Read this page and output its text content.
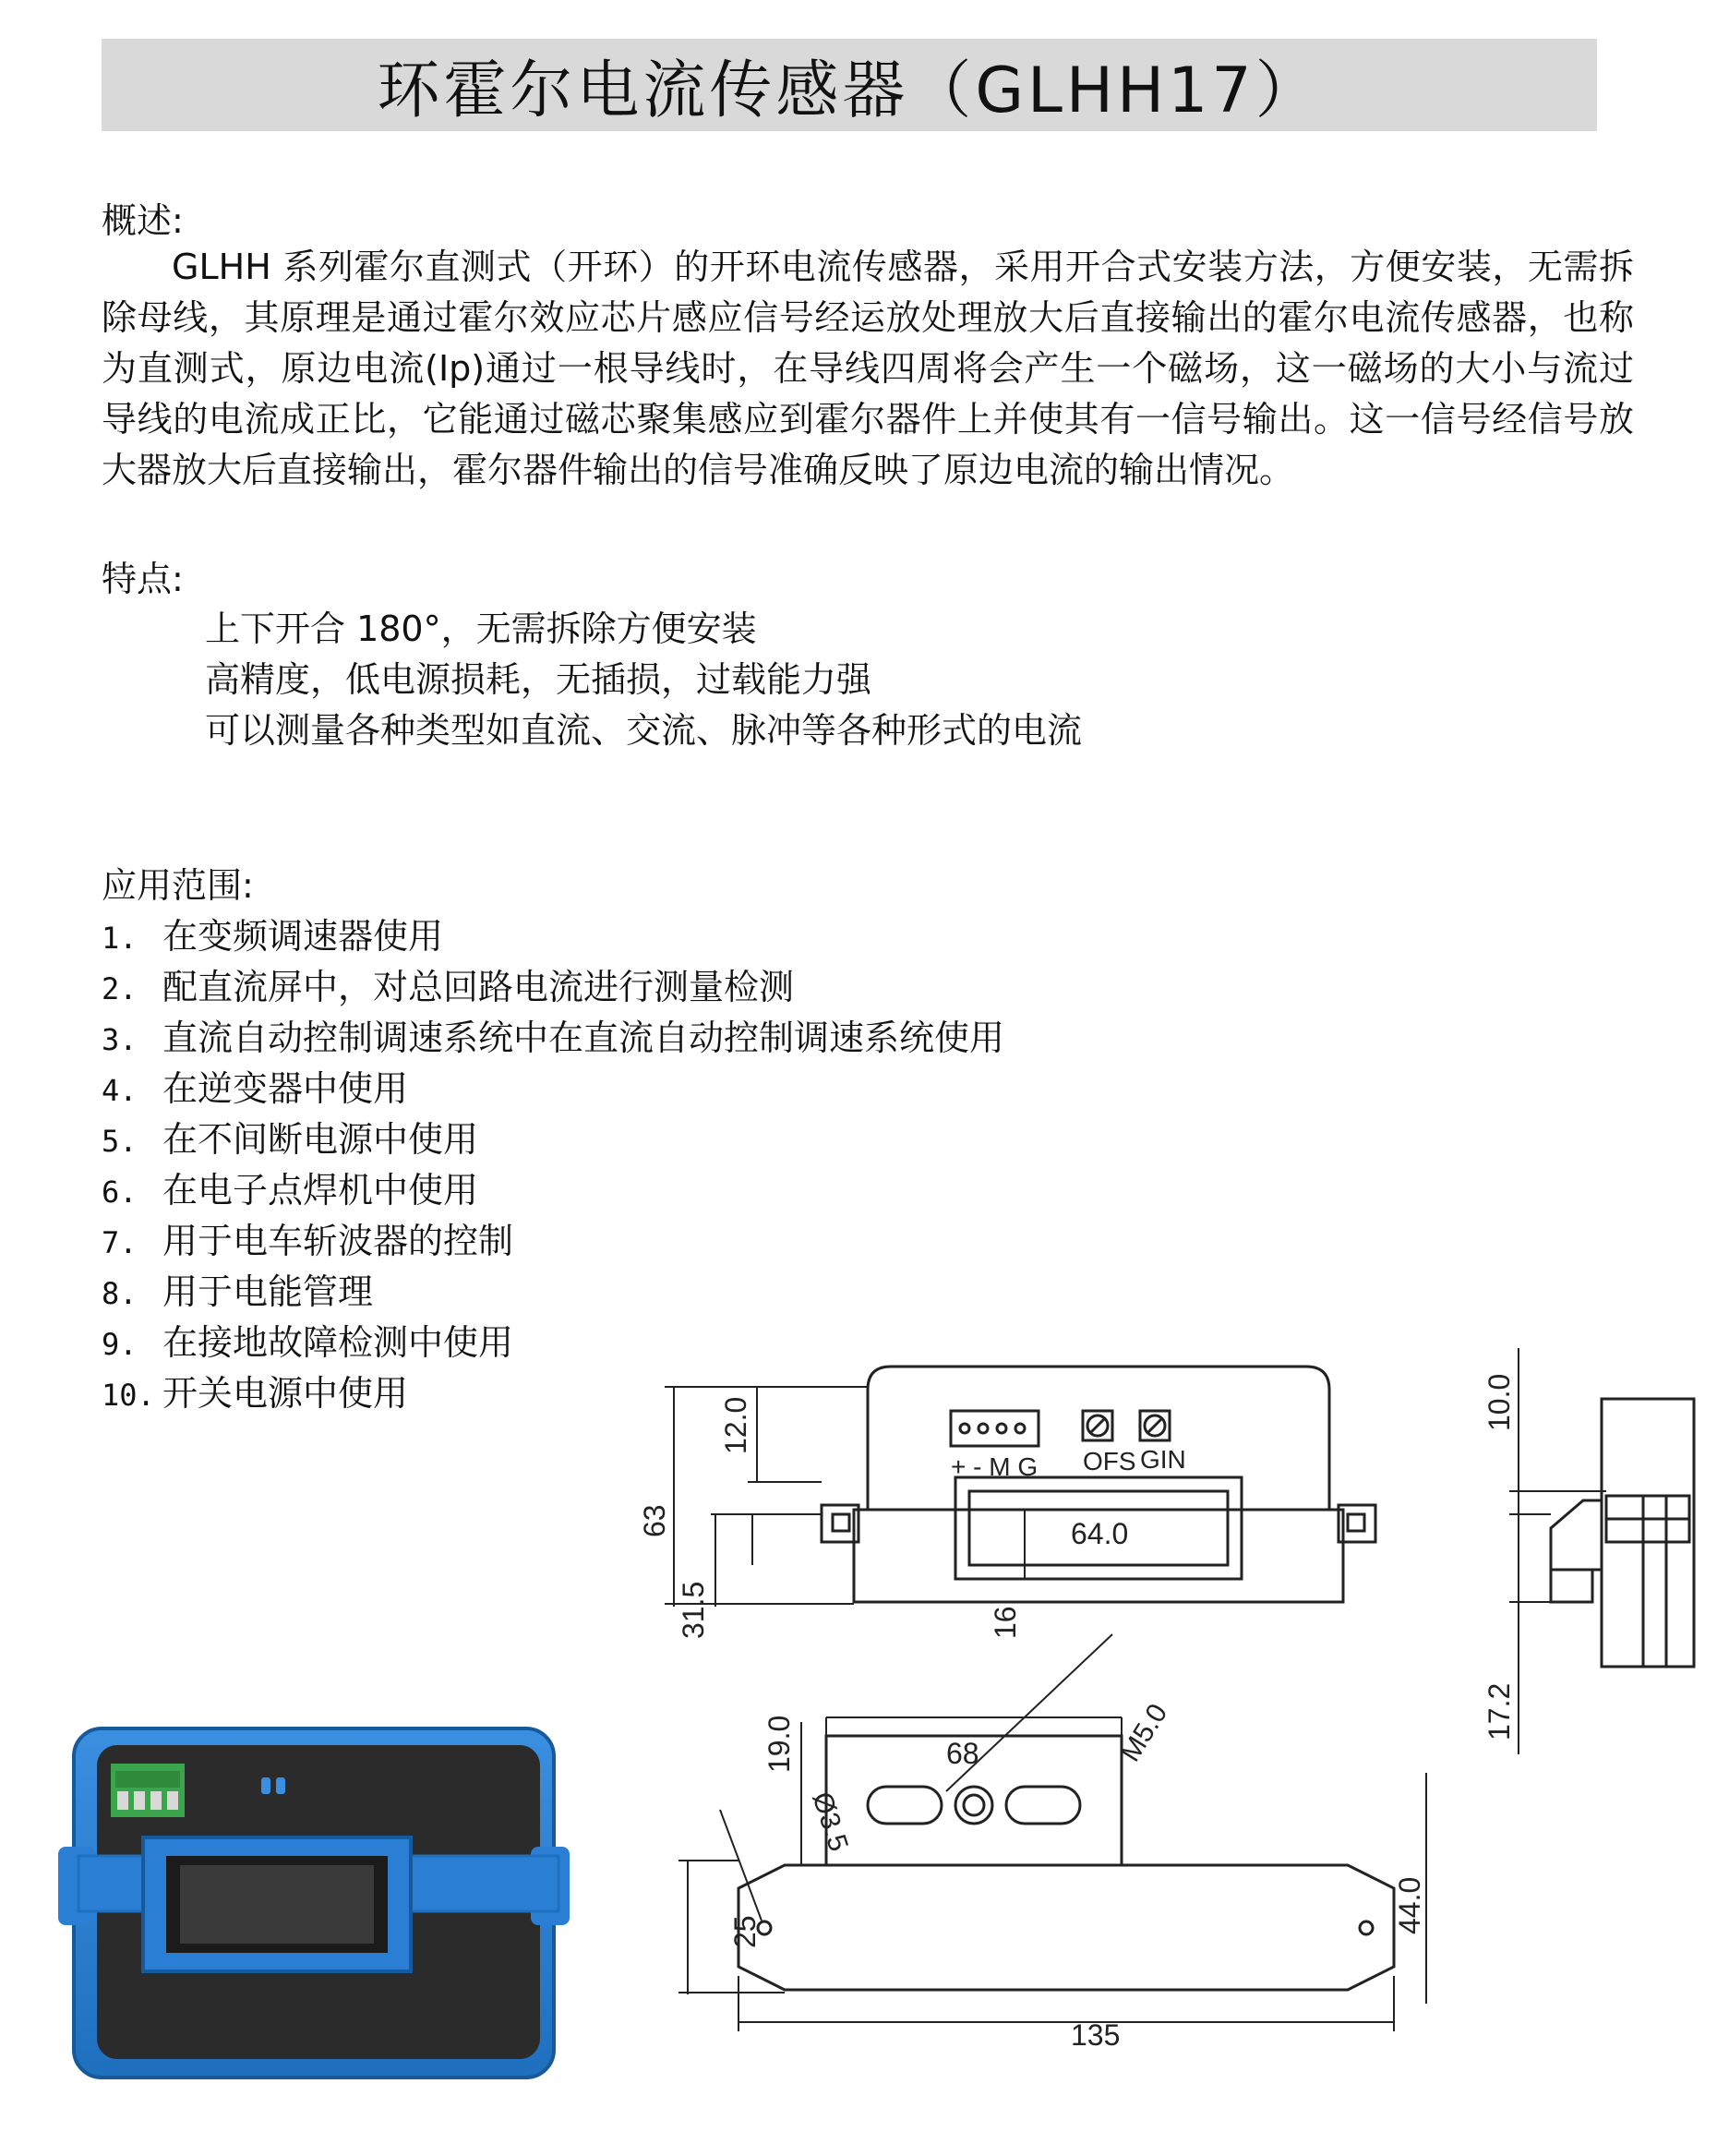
环霍尔电流传感器（GLHH17）
概述:

GLHH 系列霍尔直测式（开环）的开环电流传感器，采用开合式安装方法，方便安装，无需拆除母线，其原理是通过霍尔效应芯片感应信号经运放处理放大后直接输出的霍尔电流传感器，也称为直测式，原边电流(Ip)通过一根导线时，在导线四周将会产生一个磁场，这一磁场的大小与流过导线的电流成正比，它能通过磁芯聚集感应到霍尔器件上并使其有一信号输出。这一信号经信号放大器放大后直接输出，霍尔器件输出的信号准确反映了原边电流的输出情况。

特点:
上下开合 180°，无需拆除方便安装
高精度，低电源损耗，无插损，过载能力强
可以测量各种类型如直流、交流、脉冲等各种形式的电流
应用范围:
1. 在变频调速器使用
2. 配直流屏中，对总回路电流进行测量检测
3. 直流自动控制调速系统中在直流自动控制调速系统使用
4. 在逆变器中使用
5. 在不间断电源中使用
6. 在电子点焊机中使用
7. 用于电车斩波器的控制
8. 用于电能管理
9. 在接地故障检测中使用
10. 开关电源中使用
+ - M G OFS GIN
64.0
12.0
63
31.5	16
10.0
17.2
19.0	68	M5.0
Ø3.5
25	44.0
135
